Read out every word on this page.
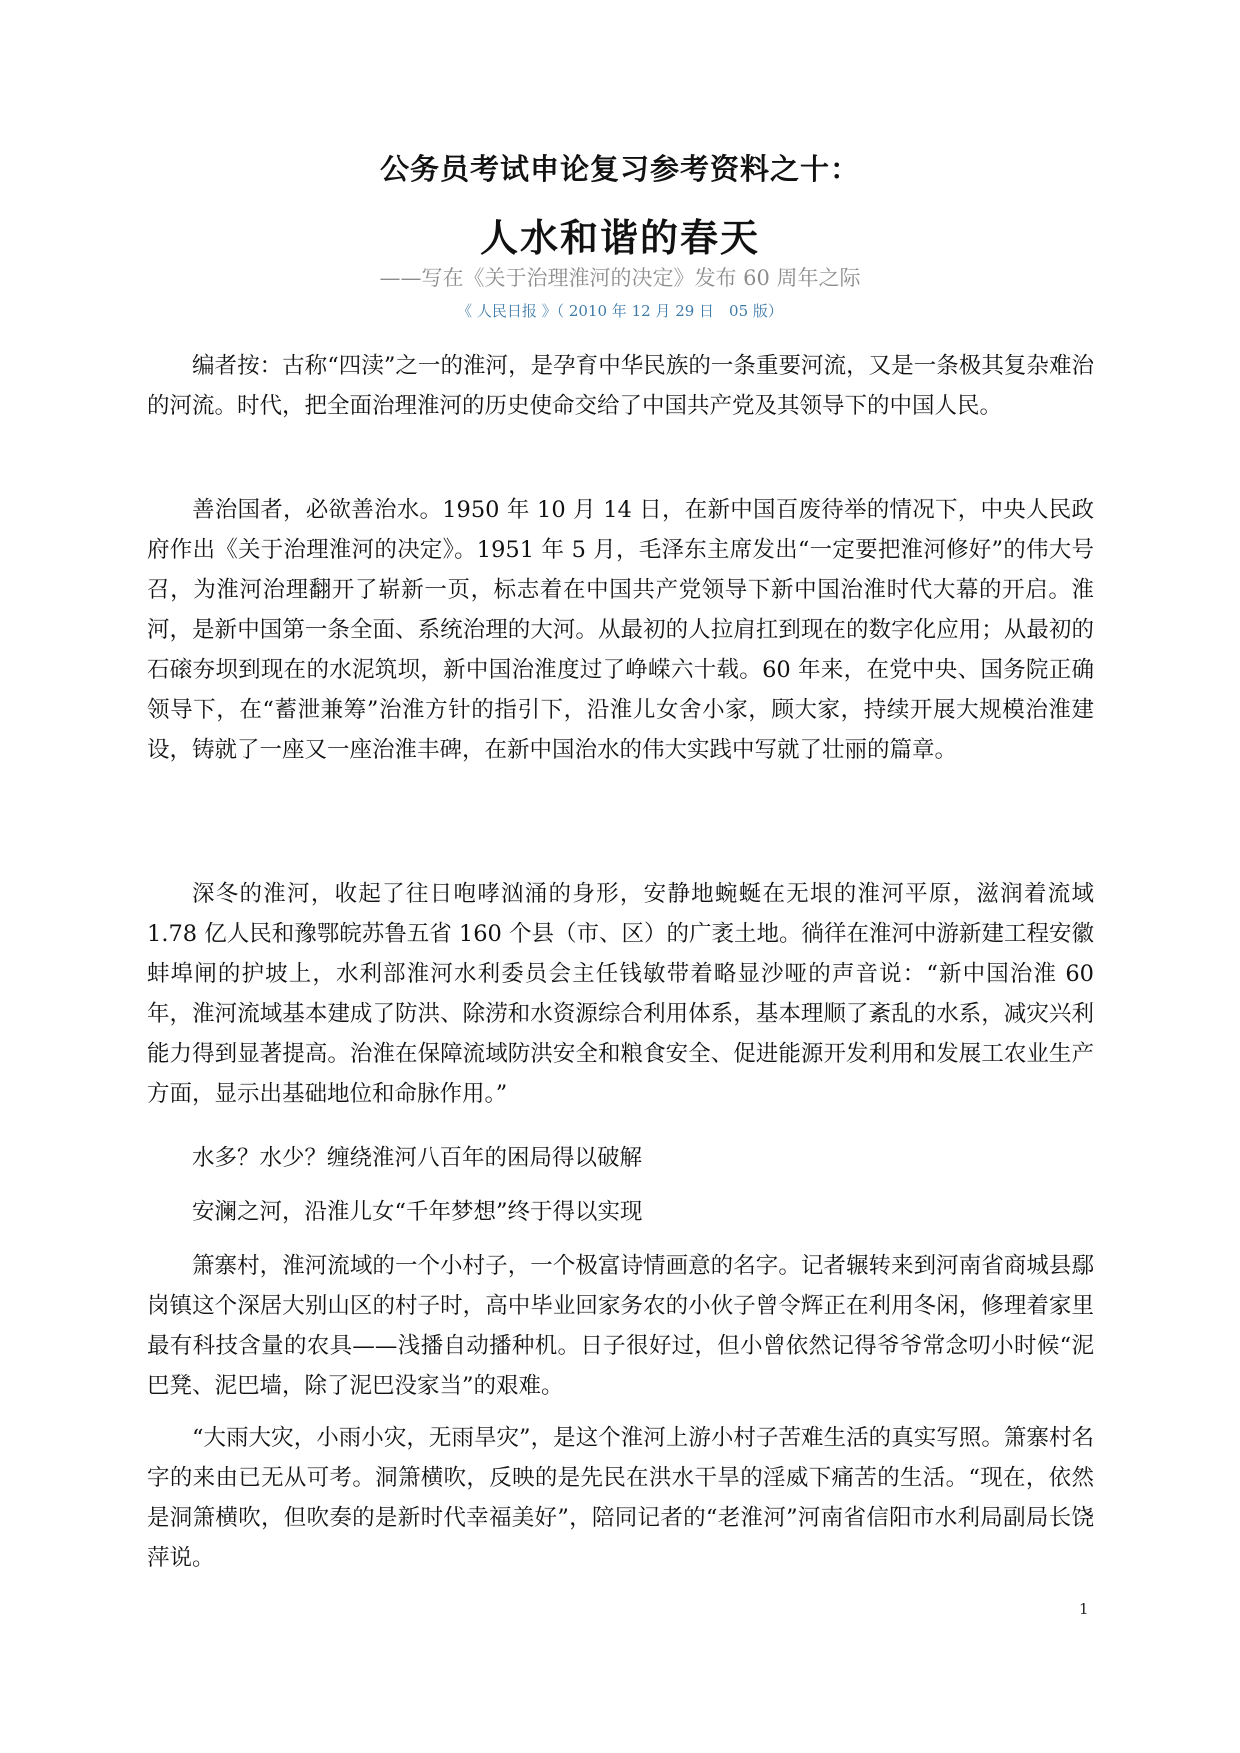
公务员考试申论复习参考资料之十：
人水和谐的春天

——写在《关于治理淮河的决定》发布 60 周年之际

《 人民日报 》（ 2010 年 12 月 29 日　05 版）

编者按：古称“四渎”之一的淮河，是孕育中华民族的一条重要河流，又是一条极其复杂难治的河流。时代，把全面治理淮河的历史使命交给了中国共产党及其领导下的中国人民。

善治国者，必欲善治水。1950 年 10 月 14 日，在新中国百废待举的情况下，中央人民政府作出《关于治理淮河的决定》。1951 年 5 月，毛泽东主席发出“一定要把淮河修好”的伟大号召，为淮河治理翻开了崭新一页，标志着在中国共产党领导下新中国治淮时代大幕的开启。淮河，是新中国第一条全面、系统治理的大河。从最初的人拉肩扛到现在的数字化应用；从最初的石磙夯坝到现在的水泥筑坝，新中国治淮度过了峥嵘六十载。60 年来，在党中央、国务院正确领导下，在“蓄泄兼筹”治淮方针的指引下，沿淮儿女舍小家，顾大家，持续开展大规模治淮建设，铸就了一座又一座治淮丰碑，在新中国治水的伟大实践中写就了壮丽的篇章。

深冬的淮河，收起了往日咆哮汹涌的身形，安静地蜿蜒在无垠的淮河平原，滋润着流域 1.78 亿人民和豫鄂皖苏鲁五省 160 个县（市、区）的广袤土地。徜徉在淮河中游新建工程安徽蚌埠闸的护坡上，水利部淮河水利委员会主任钱敏带着略显沙哑的声音说：“新中国治淮 60 年，淮河流域基本建成了防洪、除涝和水资源综合利用体系，基本理顺了紊乱的水系，减灾兴利能力得到显著提高。治淮在保障流域防洪安全和粮食安全、促进能源开发利用和发展工农业生产方面，显示出基础地位和命脉作用。”

水多？水少？缠绕淮河八百年的困局得以破解

安澜之河，沿淮儿女“千年梦想”终于得以实现

箫寨村，淮河流域的一个小村子，一个极富诗情画意的名字。记者辗转来到河南省商城县鄢岗镇这个深居大别山区的村子时，高中毕业回家务农的小伙子曾令辉正在利用冬闲，修理着家里最有科技含量的农具——浅播自动播种机。日子很好过，但小曾依然记得爷爷常念叨小时候“泥巴凳、泥巴墙，除了泥巴没家当”的艰难。

“大雨大灾，小雨小灾，无雨旱灾”，是这个淮河上游小村子苦难生活的真实写照。箫寨村名字的来由已无从可考。洞箫横吹，反映的是先民在洪水干旱的淫威下痛苦的生活。“现在，依然是洞箫横吹，但吹奏的是新时代幸福美好”，陪同记者的“老淮河”河南省信阳市水利局副局长饶萍说。

1
